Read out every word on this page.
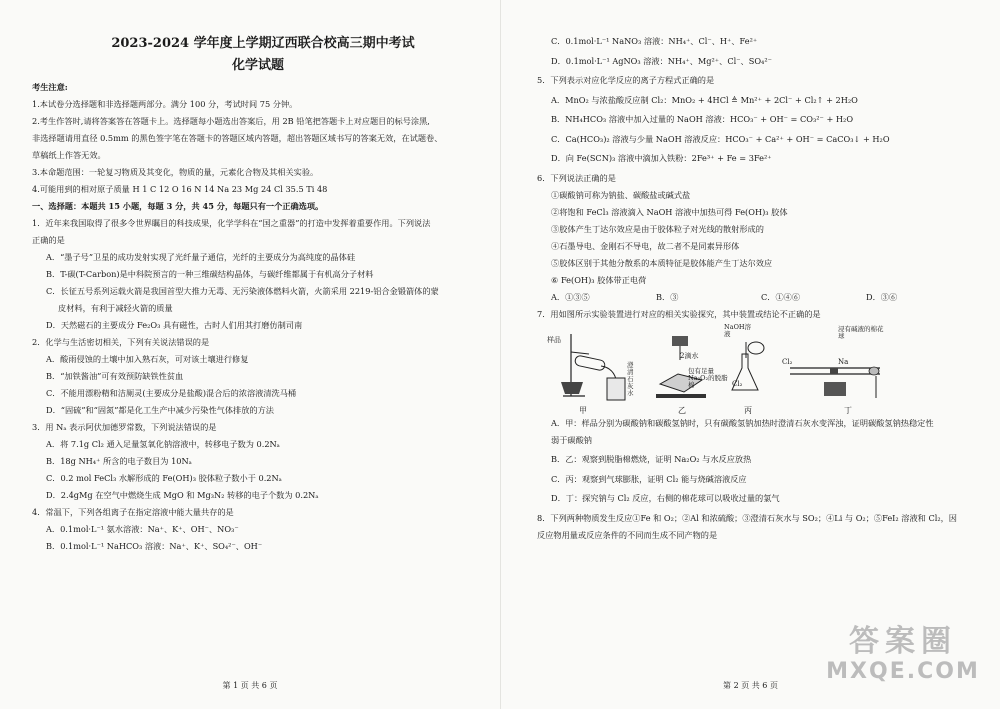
2023-2024 学年度上学期辽西联合校高三期中考试
化学试题
考生注意:
1.本试卷分选择题和非选择题两部分。满分 100 分，考试时间 75 分钟。
2.考生作答时,请将答案答在答题卡上。选择题每小题选出答案后，用 2B 铅笔把答题卡上对应题目的标号涂黑,
非选择题请用直径 0.5mm 的黑色签字笔在答题卡的答题区域内答题，超出答题区域书写的答案无效，在试题卷、
草稿纸上作答无效。
3.本命题范围：一轮复习物质及其变化，物质的量，元素化合物及其相关实验。
4.可能用到的相对原子质量 H 1 C 12 O 16 N 14 Na 23 Mg 24 Cl 35.5 Ti 48
一、选择题：本题共 15 小题，每题 3 分，共 45 分，每题只有一个正确选项。
1．近年来我国取得了很多令世界瞩目的科技成果，化学学科在“国之重器”的打造中发挥着重要作用。下列说法
正确的是
A．“墨子号”卫星的成功发射实现了光纤量子通信，光纤的主要成分为高纯度的晶体硅
B．T-碳(T-Carbon)是中科院预言的一种三维碳结构晶体，与碳纤维都属于有机高分子材料
C．长征五号系列运载火箭是我国首型大推力无毒、无污染液体燃料火箭，火箭采用 2219-铝合金锻箭体的蒙
皮材料，有利于减轻火箭的质量
D．天然磁石的主要成分 Fe₂O₃ 具有磁性，古时人们用其打磨仿制司南
2．化学与生活密切相关，下列有关说法错误的是
A．酸雨侵蚀的土壤中加入熟石灰，可对该土壤进行修复
B．“加铁酱油”可有效预防缺铁性贫血
C．不能用漂粉精和洁厕灵(主要成分是盐酸)混合后的浓溶液清洗马桶
D．“固硫”和“固氮”都是化工生产中减少污染性气体排放的方法
3．用 Nₐ 表示阿伏加德罗常数，下列说法错误的是
A．将 7.1g Cl₂ 通入足量氢氧化钠溶液中，转移电子数为 0.2Nₐ
B．18g NH₄⁺ 所含的电子数目为 10Nₐ
C．0.2 mol FeCl₃ 水解形成的 Fe(OH)₃ 胶体粒子数小于 0.2Nₐ
D．2.4gMg 在空气中燃烧生成 MgO 和 Mg₃N₂ 转移的电子个数为 0.2Nₐ
4．常温下，下列各组离子在指定溶液中能大量共存的是
A．0.1mol·L⁻¹ 氨水溶液：Na⁺、K⁺、OH⁻、NO₃⁻
B．0.1mol·L⁻¹ NaHCO₃ 溶液：Na⁺、K⁺、SO₄²⁻、OH⁻
第 1 页 共 6 页
C．0.1mol·L⁻¹ NaNO₃ 溶液：NH₄⁺、Cl⁻、H⁺、Fe²⁺
D．0.1mol·L⁻¹ AgNO₃ 溶液：NH₄⁺、Mg²⁺、Cl⁻、SO₄²⁻
5．下列表示对应化学反应的离子方程式正确的是
A．MnO₂ 与浓盐酸反应制 Cl₂：MnO₂ + 4HCl ≜ Mn²⁺ + 2Cl⁻ + Cl₂↑ + 2H₂O
B．NH₄HCO₃ 溶液中加入过量的 NaOH 溶液：HCO₃⁻ + OH⁻ = CO₃²⁻ + H₂O
C．Ca(HCO₃)₂ 溶液与少量 NaOH 溶液反应：HCO₃⁻ + Ca²⁺ + OH⁻ = CaCO₃↓ + H₂O
D．向 Fe(SCN)₃ 溶液中滴加入铁粉：2Fe³⁺ + Fe = 3Fe²⁺
6．下列说法正确的是
①碳酸钠可称为钠盐、碳酸盐或碱式盐
②将饱和 FeCl₃ 溶液滴入 NaOH 溶液中加热可得 Fe(OH)₃ 胶体
③胶体产生丁达尔效应是由于胶体粒子对光线的散射形成的
④石墨导电、金刚石不导电，故二者不是同素异形体
⑤胶体区别于其他分散系的本质特征是胶体能产生丁达尔效应
⑥ Fe(OH)₃ 胶体带正电荷
A．①③⑤	B．③	C．①④⑥	D．③⑥
7．用如图所示实验装置进行对应的相关实验探究，其中装置或结论不正确的是
样品
澄清石灰水
甲
2滴水
包有足量Na₂O₂的脱脂棉
乙
NaOH溶液
Cl₂
丙
浸有碱液的棉花球
Cl₂	Na
丁
A．甲：样品分别为碳酸钠和碳酸氢钠时，只有碳酸氢钠加热时澄清石灰水变浑浊，证明碳酸氢钠热稳定性
弱于碳酸钠
B．乙：观察到脱脂棉燃烧，证明 Na₂O₂ 与水反应放热
C．丙：观察到气球膨胀，证明 Cl₂ 能与烧碱溶液反应
D．丁：探究钠与 Cl₂ 反应，右侧的棉花球可以吸收过量的氯气
8．下列两种物质发生反应①Fe 和 O₂；②Al 和浓硫酸；③澄清石灰水与 SO₂；④Li 与 O₂；⑤FeI₂ 溶液和 Cl₂，因
反应物用量或反应条件的不同而生成不同产物的是
第 2 页 共 6 页
答案圈
MXQE.COM
